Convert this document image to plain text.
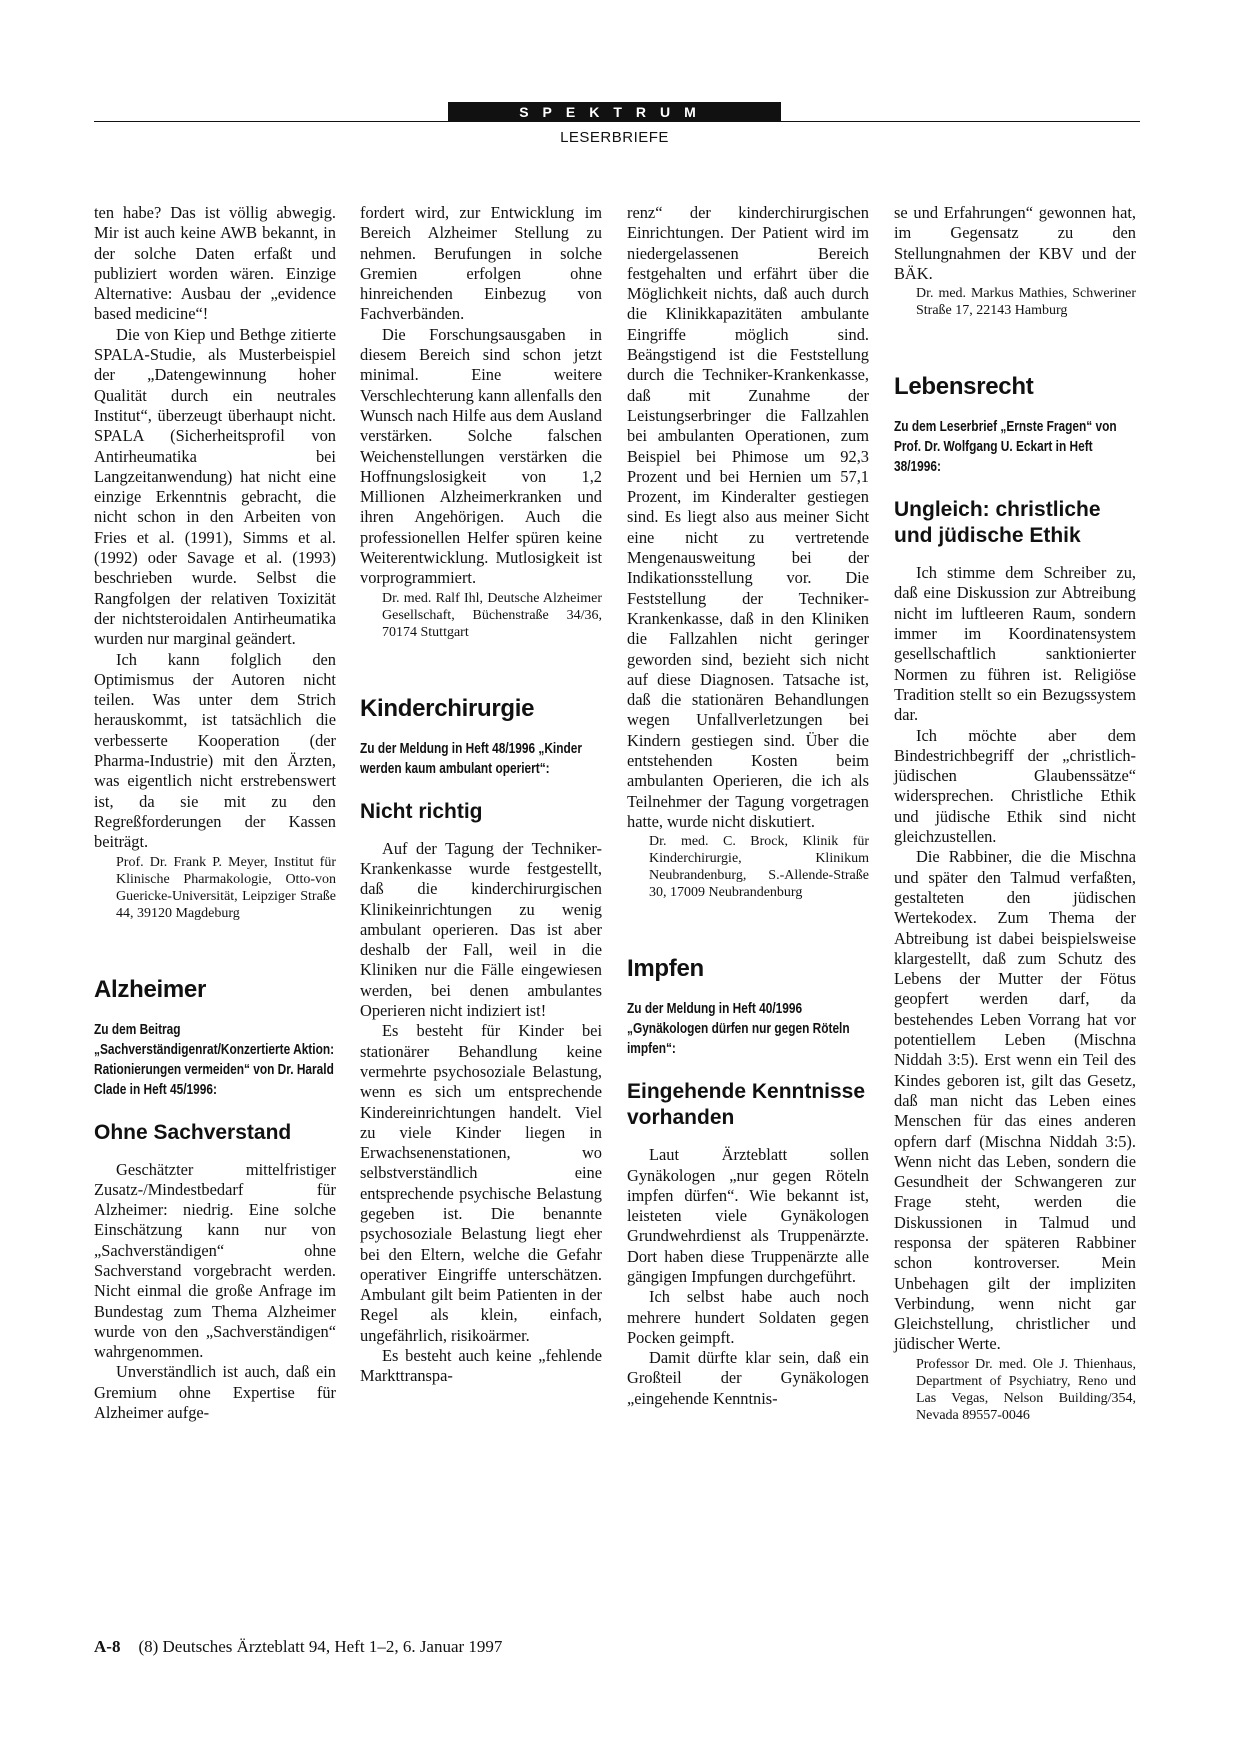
SPEKTRUM
LESERBRIEFE

ten habe? Das ist völlig abwegig. Mir ist auch keine AWB bekannt, in der solche Daten erfaßt und publiziert worden wären. Einzige Alternative: Ausbau der „evidence based medicine“!

Die von Kiep und Bethge zitierte SPALA-Studie, als Musterbeispiel der „Datengewinnung hoher Qualität durch ein neutrales Institut“, überzeugt überhaupt nicht. SPALA (Sicherheitsprofil von Antirheumatika bei Langzeitanwendung) hat nicht eine einzige Erkenntnis gebracht, die nicht schon in den Arbeiten von Fries et al. (1991), Simms et al. (1992) oder Savage et al. (1993) beschrieben wurde. Selbst die Rangfolgen der relativen Toxizität der nichtsteroidalen Antirheumatika wurden nur marginal geändert.

Ich kann folglich den Optimismus der Autoren nicht teilen. Was unter dem Strich herauskommt, ist tatsächlich die verbesserte Kooperation (der Pharma-Industrie) mit den Ärzten, was eigentlich nicht erstrebenswert ist, da sie mit zu den Regreßforderungen der Kassen beiträgt.

Prof. Dr. Frank P. Meyer, Institut für Klinische Pharmakologie, Otto-von Guericke-Universität, Leipziger Straße 44, 39120 Magdeburg

Alzheimer
Zu dem Beitrag „Sachverständigenrat/Konzertierte Aktion: Rationierungen vermeiden“ von Dr. Harald Clade in Heft 45/1996:
Ohne Sachverstand

Geschätzter mittelfristiger Zusatz-/Mindestbedarf für Alzheimer: niedrig. Eine solche Einschätzung kann nur von „Sachverständigen“ ohne Sachverstand vorgebracht werden. Nicht einmal die große Anfrage im Bundestag zum Thema Alzheimer wurde von den „Sachverständigen“ wahrgenommen.

Unverständlich ist auch, daß ein Gremium ohne Expertise für Alzheimer aufge-

fordert wird, zur Entwicklung im Bereich Alzheimer Stellung zu nehmen. Berufungen in solche Gremien erfolgen ohne hinreichenden Einbezug von Fachverbänden.

Die Forschungsausgaben in diesem Bereich sind schon jetzt minimal. Eine weitere Verschlechterung kann allenfalls den Wunsch nach Hilfe aus dem Ausland verstärken. Solche falschen Weichenstellungen verstärken die Hoffnungslosigkeit von 1,2 Millionen Alzheimerkranken und ihren Angehörigen. Auch die professionellen Helfer spüren keine Weiterentwicklung. Mutlosigkeit ist vorprogrammiert.

Dr. med. Ralf Ihl, Deutsche Alzheimer Gesellschaft, Büchenstraße 34/36, 70174 Stuttgart

Kinderchirurgie
Zu der Meldung in Heft 48/1996 „Kinder werden kaum ambulant operiert“:
Nicht richtig

Auf der Tagung der Techniker-Krankenkasse wurde festgestellt, daß die kinderchirurgischen Klinikeinrichtungen zu wenig ambulant operieren. Das ist aber deshalb der Fall, weil in die Kliniken nur die Fälle eingewiesen werden, bei denen ambulantes Operieren nicht indiziert ist!

Es besteht für Kinder bei stationärer Behandlung keine vermehrte psychosoziale Belastung, wenn es sich um entsprechende Kindereinrichtungen handelt. Viel zu viele Kinder liegen in Erwachsenenstationen, wo selbstverständlich eine entsprechende psychische Belastung gegeben ist. Die benannte psychosoziale Belastung liegt eher bei den Eltern, welche die Gefahr operativer Eingriffe unterschätzen. Ambulant gilt beim Patienten in der Regel als klein, einfach, ungefährlich, risikoärmer.

Es besteht auch keine „fehlende Markttranspa-

renz“ der kinderchirurgischen Einrichtungen. Der Patient wird im niedergelassenen Bereich festgehalten und erfährt über die Möglichkeit nichts, daß auch durch die Klinikkapazitäten ambulante Eingriffe möglich sind. Beängstigend ist die Feststellung durch die Techniker-Krankenkasse, daß mit Zunahme der Leistungserbringer die Fallzahlen bei ambulanten Operationen, zum Beispiel bei Phimose um 92,3 Prozent und bei Hernien um 57,1 Prozent, im Kinderalter gestiegen sind. Es liegt also aus meiner Sicht eine nicht zu vertretende Mengenausweitung bei der Indikationsstellung vor. Die Feststellung der Techniker-Krankenkasse, daß in den Kliniken die Fallzahlen nicht geringer geworden sind, bezieht sich nicht auf diese Diagnosen. Tatsache ist, daß die stationären Behandlungen wegen Unfallverletzungen bei Kindern gestiegen sind. Über die entstehenden Kosten beim ambulanten Operieren, die ich als Teilnehmer der Tagung vorgetragen hatte, wurde nicht diskutiert.

Dr. med. C. Brock, Klinik für Kinderchirurgie, Klinikum Neubrandenburg, S.-Allende-Straße 30, 17009 Neubrandenburg

Impfen
Zu der Meldung in Heft 40/1996 „Gynäkologen dürfen nur gegen Röteln impfen“:
Eingehende Kenntnisse vorhanden

Laut Ärzteblatt sollen Gynäkologen „nur gegen Röteln impfen dürfen“. Wie bekannt ist, leisteten viele Gynäkologen Grundwehrdienst als Truppenärzte. Dort haben diese Truppenärzte alle gängigen Impfungen durchgeführt.

Ich selbst habe auch noch mehrere hundert Soldaten gegen Pocken geimpft.

Damit dürfte klar sein, daß ein Großteil der Gynäkologen „eingehende Kenntnis-

se und Erfahrungen“ gewonnen hat, im Gegensatz zu den Stellungnahmen der KBV und der BÄK.

Dr. med. Markus Mathies, Schweriner Straße 17, 22143 Hamburg

Lebensrecht
Zu dem Leserbrief „Ernste Fragen“ von Prof. Dr. Wolfgang U. Eckart in Heft 38/1996:
Ungleich: christliche und jüdische Ethik

Ich stimme dem Schreiber zu, daß eine Diskussion zur Abtreibung nicht im luftleeren Raum, sondern immer im Koordinatensystem gesellschaftlich sanktionierter Normen zu führen ist. Religiöse Tradition stellt so ein Bezugssystem dar.

Ich möchte aber dem Bindestrichbegriff der „christlich-jüdischen Glaubenssätze“ widersprechen. Christliche Ethik und jüdische Ethik sind nicht gleichzustellen.

Die Rabbiner, die die Mischna und später den Talmud verfaßten, gestalteten den jüdischen Wertekodex. Zum Thema der Abtreibung ist dabei beispielsweise klargestellt, daß zum Schutz des Lebens der Mutter der Fötus geopfert werden darf, da bestehendes Leben Vorrang hat vor potentiellem Leben (Mischna Niddah 3:5). Erst wenn ein Teil des Kindes geboren ist, gilt das Gesetz, daß man nicht das Leben eines Menschen für das eines anderen opfern darf (Mischna Niddah 3:5). Wenn nicht das Leben, sondern die Gesundheit der Schwangeren zur Frage steht, werden die Diskussionen in Talmud und responsa der späteren Rabbiner schon kontroverser. Mein Unbehagen gilt der impliziten Verbindung, wenn nicht gar Gleichstellung, christlicher und jüdischer Werte.

Professor Dr. med. Ole J. Thienhaus, Department of Psychiatry, Reno und Las Vegas, Nelson Building/354, Nevada 89557-0046

A-8 (8) Deutsches Ärzteblatt 94, Heft 1–2, 6. Januar 1997
